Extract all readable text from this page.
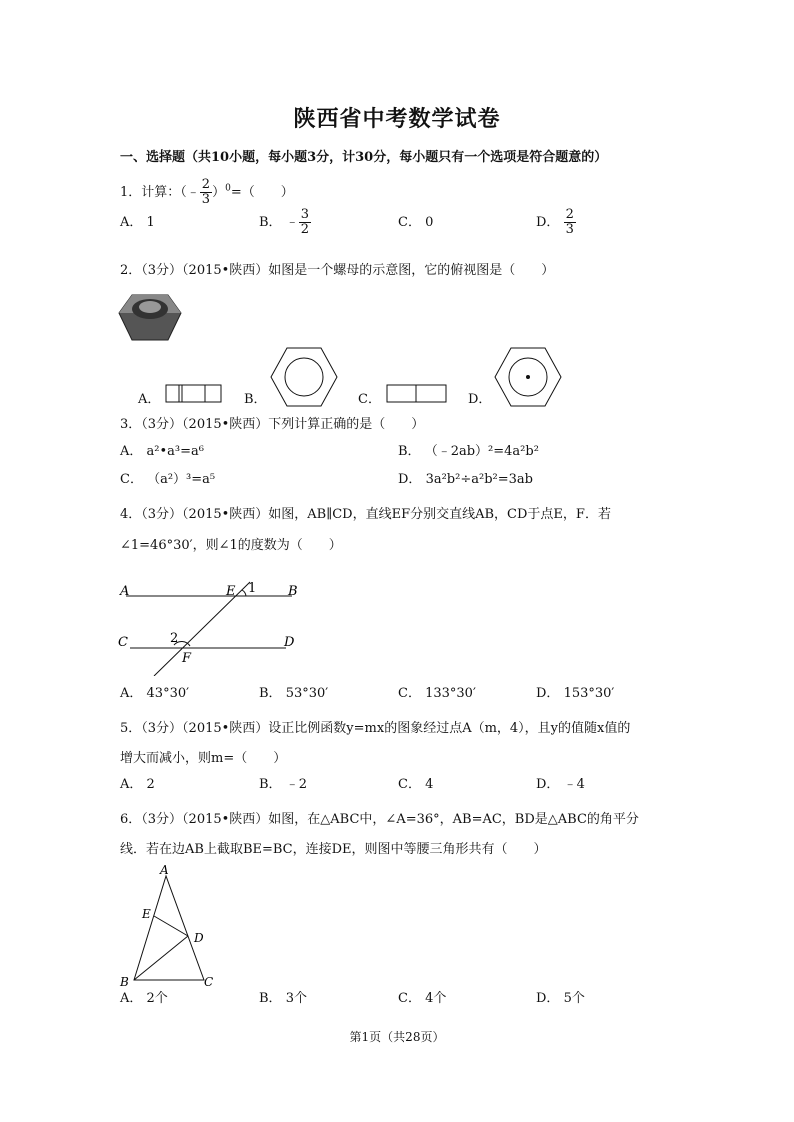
陕西省中考数学试卷
一、选择题（共10小题，每小题3分，计30分，每小题只有一个选项是符合题意的）
1．计算：（﹣ $\frac{2}{3} )^0=$（　　）
A． 1	B． ﹣ $\frac{3}{2}$	C． 0	D． $\frac{2}{3}$
2．（3分）（2015•陕西）如图是一个螺母的示意图，它的俯视图是（　　）
A．	B．	C．	D．
3．（3分）（2015•陕西）下列计算正确的是（　　）
A． a²•a³=a⁶	B． （﹣2ab）²=4a²b²
C． （a²）³=a⁵	D． 3a²b²÷a²b²=3ab
4．（3分）（2015•陕西）如图，AB∥CD，直线EF分别交直线AB，CD于点E，F．若
∠1=46°30′，则∠1的度数为（　　）
A	B
E 1
C	D
2
F
A． 43°30′	B． 53°30′	C． 133°30′	D． 153°30′
5．（3分）（2015•陕西）设正比例函数y=mx的图象经过点A（m，4），且y的值随x值的
增大而减小，则m=（　　）
A． 2	B． ﹣2	C． 4	D． ﹣4
6．（3分）（2015•陕西）如图，在△ABC中，∠A=36°，AB=AC，BD是△ABC的角平分
线．若在边AB上截取BE=BC，连接DE，则图中等腰三角形共有（　　）
A
E
D
B	C
A． 2个	B． 3个	C． 4个	D． 5个
第1页（共28页）
